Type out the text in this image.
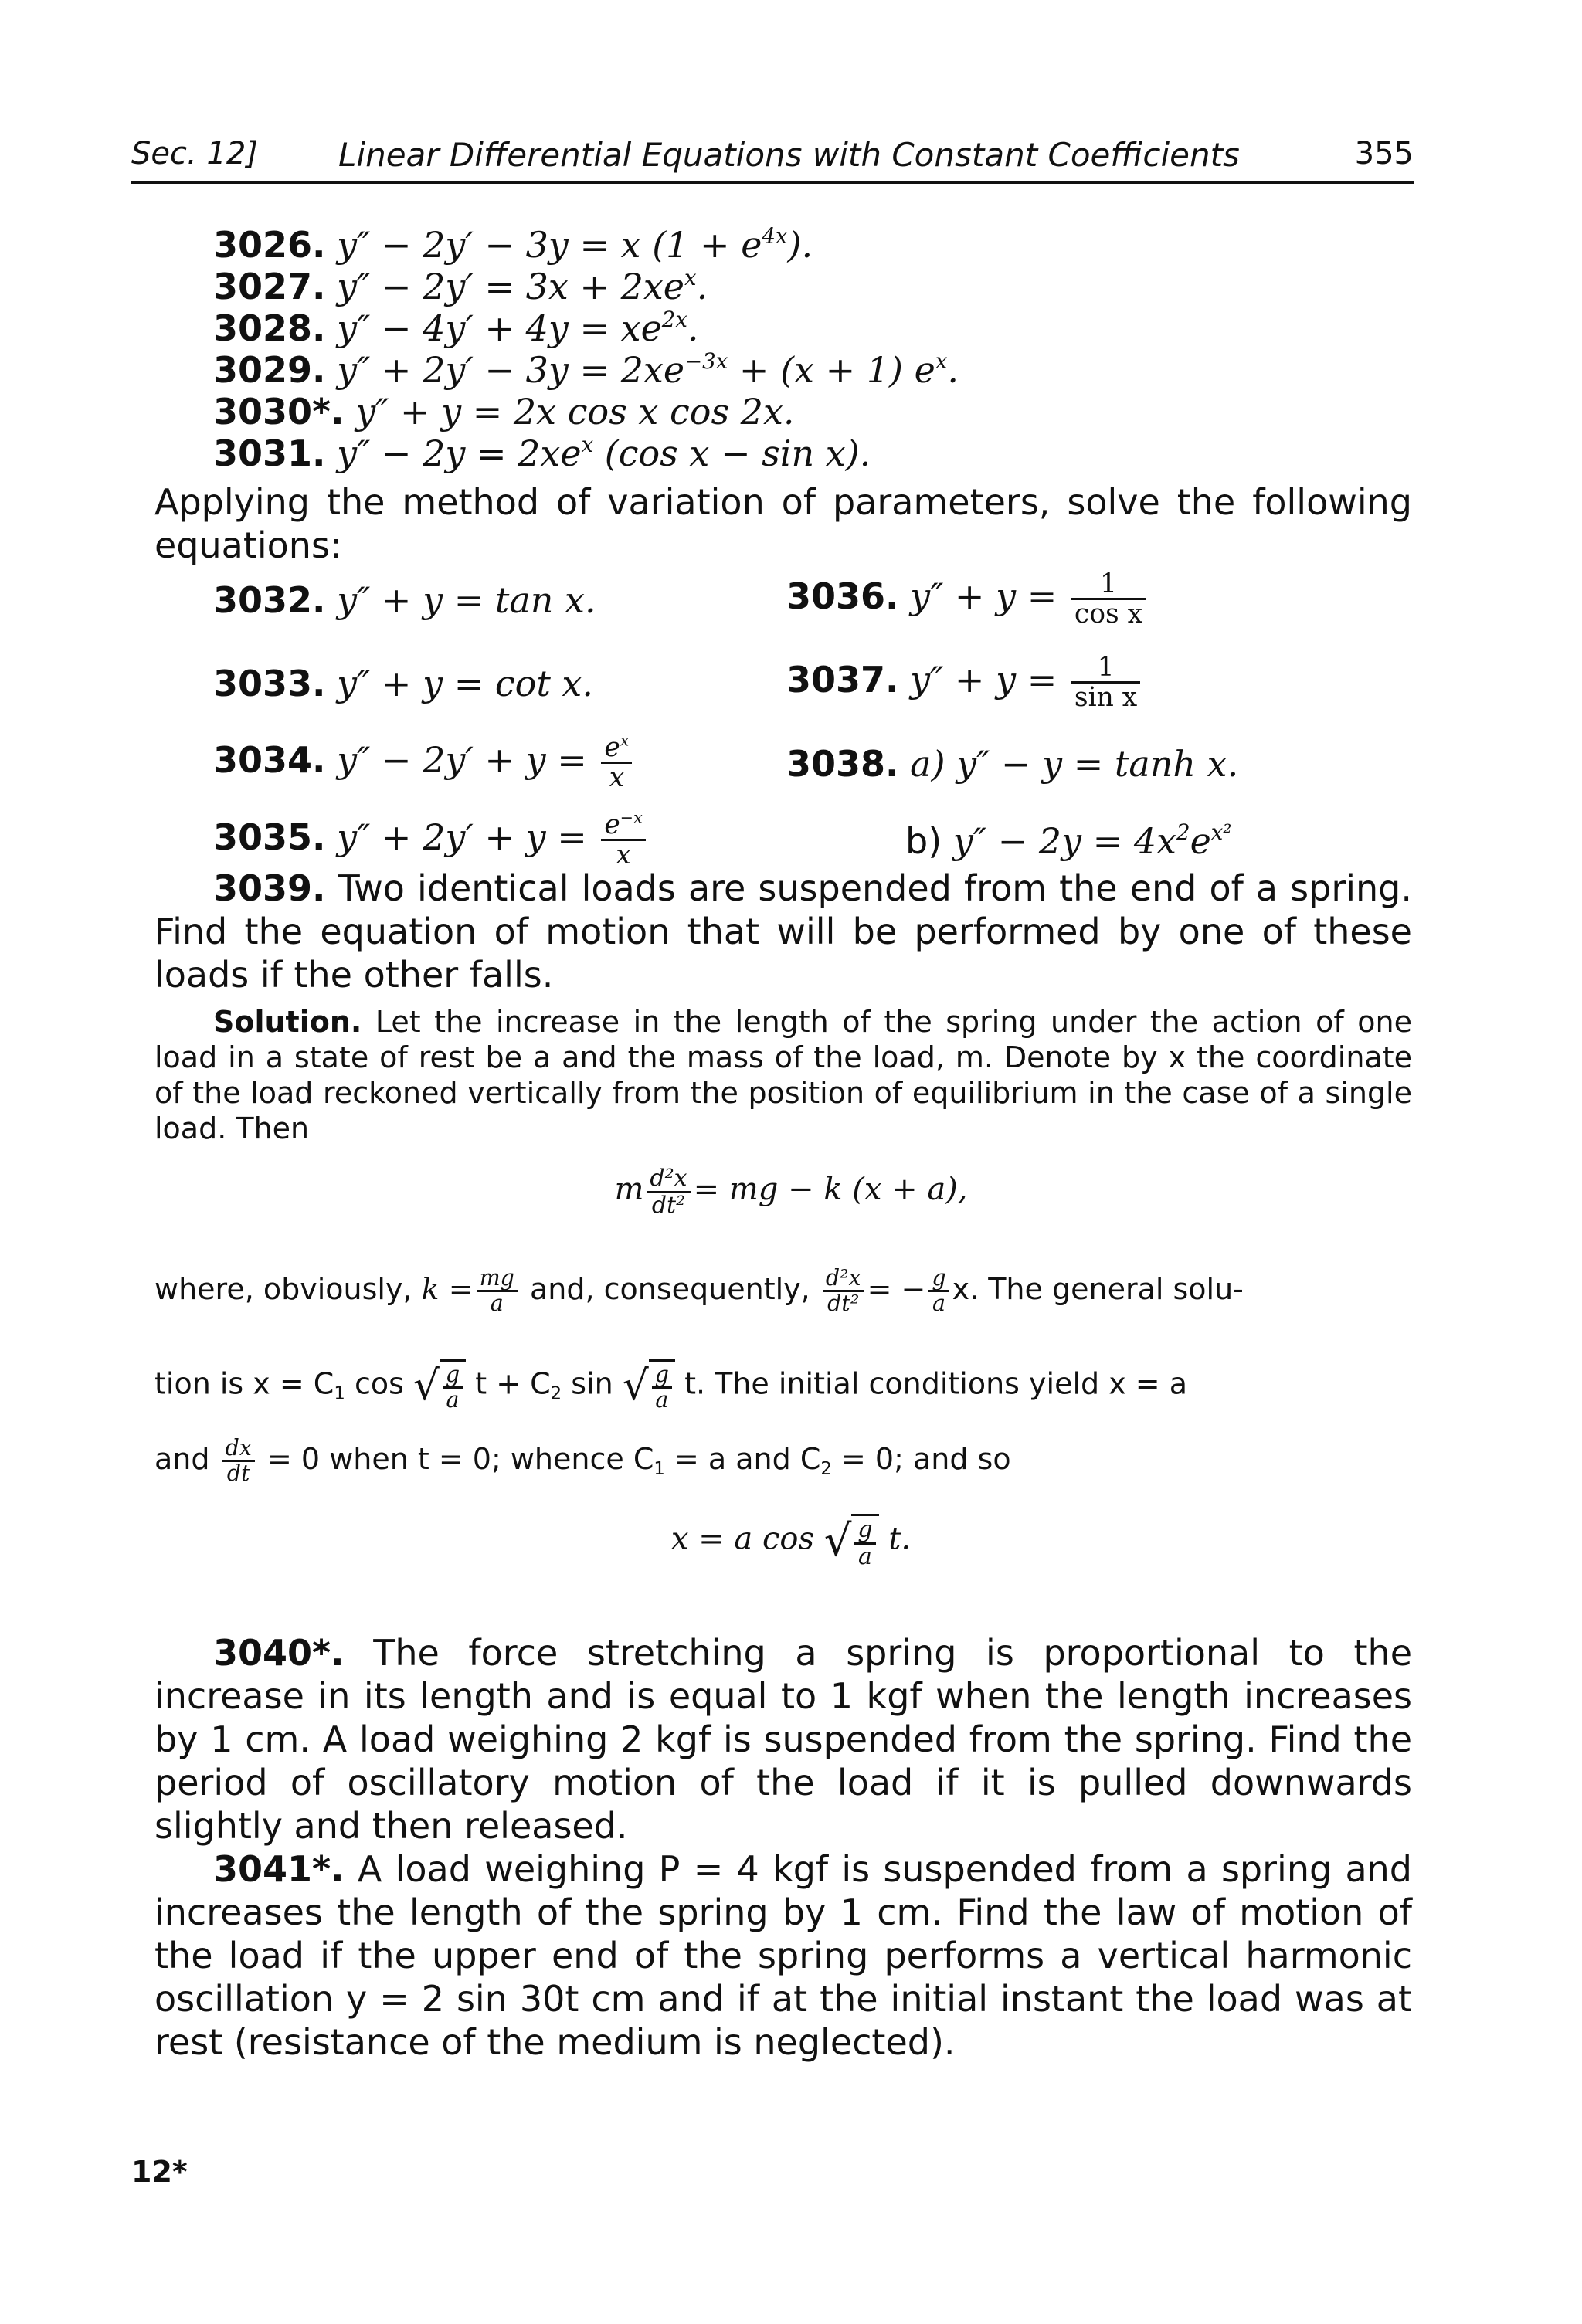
Sec. 12] Linear Differential Equations with Constant Coefficients	355
3026. y″ − 2y′ − 3y = x $(1 + e^{4x})$.
3027. $y'' - 2y' = 3x + 2xe^x$.
3028. $y'' - 4y' + 4y = xe^{2x}$.
3029. $y'' + 2y' - 3y = 2xe^{-3x} + (x + 1)$ $e^x$.
3030*. y″ + y = 2x cos x cos 2x.
3031. $y'' - 2y = 2xe^x$ (cos x − sin x).
Applying the method of variation of parameters, solve the following equations:
3032. y″ + y = tan x.
3033. y″ + y = cot x.
3034. $y'' - 2y' + y = \frac{e^x}{x}$
3035. $y'' + 2y' + y = \frac{e^{-x}}{x}$
3036. $y'' + y = \frac{1}{\text{cos x}}$
3037. $y'' + y = \frac{1}{\text{sin x}}$
3038. a) y″ − y = tanh x.
b) $y'' - 2y = 4x^2e^{x^2}$
3039. Two identical loads are suspended from the end of a spring. Find the equation of motion that will be performed by one of these loads if the other falls.
Solution. Let the increase in the length of the spring under the action of one load in a state of rest be a and the mass of the load, m. Denote by x the coordinate of the load reckoned vertically from the position of equilibrium in the case of a single load. Then
m $\frac{\text{d²x}}{\text{dt²}}$ = mg − k (x + a),
where, obviously, $k = \frac{mg}{a}$ and, consequently, $\frac{\text{d²x}}{\text{dt²}}$ = − $\frac{g}{a} x$. The general solu-
tion is $x = C_1$ cos √ $\frac{g}{a}$ $t + C_2$ sin √ $\frac{g}{a} t$. The initial conditions yield x = a
and $\frac{dx}{dt} = 0$ when t = 0; whence $C_1 = a$ and $C_2 = 0$; and so
x = a cos √ $\frac{g}{a} t$.
3040*. The force stretching a spring is proportional to the increase in its length and is equal to 1 kgf when the length increases by 1 cm. A load weighing 2 kgf is suspended from the spring. Find the period of oscillatory motion of the load if it is pulled downwards slightly and then released.
3041*. A load weighing P = 4 kgf is suspended from a spring and increases the length of the spring by 1 cm. Find the law of motion of the load if the upper end of the spring performs a vertical harmonic oscillation y = 2 sin 30t cm and if at the initial instant the load was at rest (resistance of the medium is neglected).
12*
